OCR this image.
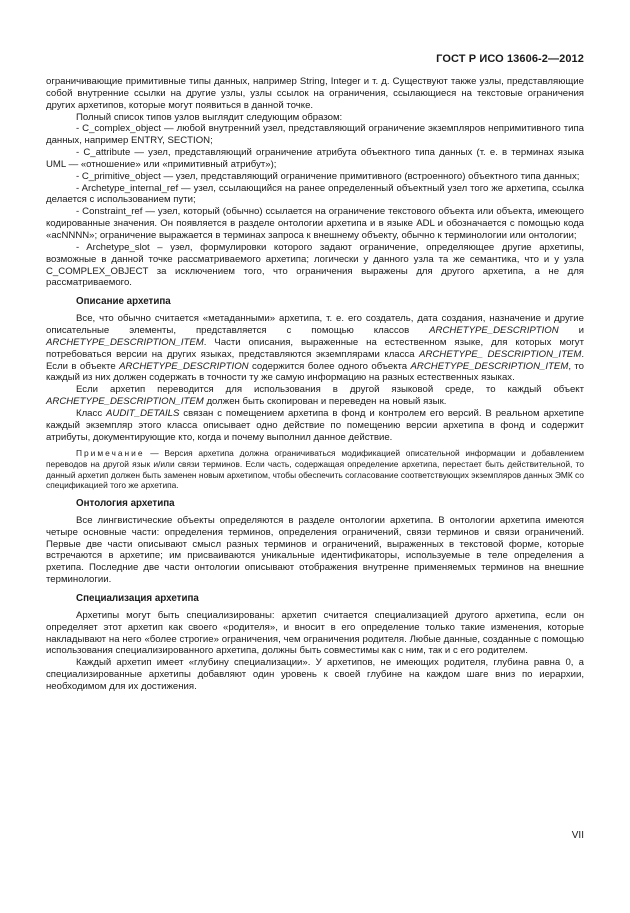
ГОСТ Р ИСО 13606-2—2012

ограничивающие примитивные типы данных, например String, Integer и т. д. Существуют также узлы, представляющие собой внутренние ссылки на другие узлы, узлы ссылок на ограничения, ссылающиеся на текстовые ограничения других архетипов, которые могут появиться в данной точке.

Полный список типов узлов выглядит следующим образом:

- C_complex_object — любой внутренний узел, представляющий ограничение экземпляров непримитивного типа данных, например ENTRY, SECTION;

- C_attribute — узел, представляющий ограничение атрибута объектного типа данных (т. е. в терминах языка UML — «отношение» или «примитивный атрибут»);

- C_primitive_object — узел, представляющий ограничение примитивного (встроенного) объектного типа данных;

- Archetype_internal_ref — узел, ссылающийся на ранее определенный объектный узел того же архетипа, ссылка делается с использованием пути;

- Constraint_ref — узел, который (обычно) ссылается на ограничение текстового объекта или объекта, имеющего кодированные значения. Он появляется в разделе онтологии архетипа и в языке ADL и обозначается с помощью кода «acNNNN»; ограничение выражается в терминах запроса к внешнему объекту, обычно к терминологии или онтологии;

- Archetype_slot – узел, формулировки которого задают ограничение, определяющее другие архетипы, возможные в данной точке рассматриваемого архетипа; логически у данного узла та же семантика, что и у узла C_COMPLEX_OBJECT за исключением того, что ограничения выражены для другого архетипа, а не для рассматриваемого.

Описание архетипа

Все, что обычно считается «метаданными» архетипа, т. е. его создатель, дата создания, назначение и другие описательные элементы, представляется с помощью классов ARCHETYPE_DESCRIPTION и ARCHETYPE_DESCRIPTION_ITEM. Части описания, выраженные на естественном языке, для которых могут потребоваться версии на других языках, представляются экземплярами класса ARCHETYPE_ DESCRIPTION_ITEM. Если в объекте ARCHETYPE_DESCRIPTION содержится более одного объекта ARCHETYPE_DESCRIPTION_ITEM, то каждый из них должен содержать в точности ту же самую информацию на разных естественных языках.

Если архетип переводится для использования в другой языковой среде, то каждый объект ARCHETYPE_DESCRIPTION_ITEM должен быть скопирован и переведен на новый язык.

Класс AUDIT_DETAILS связан с помещением архетипа в фонд и контролем его версий. В реальном архетипе каждый экземпляр этого класса описывает одно действие по помещению версии архетипа в фонд и содержит атрибуты, документирующие кто, когда и почему выполнил данное действие.

Примечание — Версия архетипа должна ограничиваться модификацией описательной информации и добавлением переводов на другой язык и/или связи терминов. Если часть, содержащая определение архетипа, перестает быть действительной, то данный архетип должен быть заменен новым архетипом, чтобы обеспечить согласование соответствующих экземпляров данных ЭМК со спецификацией того же архетипа.

Онтология архетипа

Все лингвистические объекты определяются в разделе онтологии архетипа. В онтологии архетипа имеются четыре основные части: определения терминов, определения ограничений, связи терминов и связи ограничений. Первые две части описывают смысл разных терминов и ограничений, выраженных в текстовой форме, которые встречаются в архетипе; им присваиваются уникальные идентификаторы, используемые в теле определения а рхетипа. Последние две части онтологии описывают отображения внутренне применяемых терминов на внешние терминологии.

Специализация архетипа

Архетипы могут быть специализированы: архетип считается специализацией другого архетипа, если он определяет этот архетип как своего «родителя», и вносит в его определение только такие изменения, которые накладывают на него «более строгие» ограничения, чем ограничения родителя. Любые данные, созданные с помощью использования специализированного архетипа, должны быть совместимы как с ним, так и с его родителем.

Каждый архетип имеет «глубину специализации». У архетипов, не имеющих родителя, глубина равна 0, а специализированные архетипы добавляют один уровень к своей глубине на каждом шаге вниз по иерархии, необходимом для их достижения.

VII
